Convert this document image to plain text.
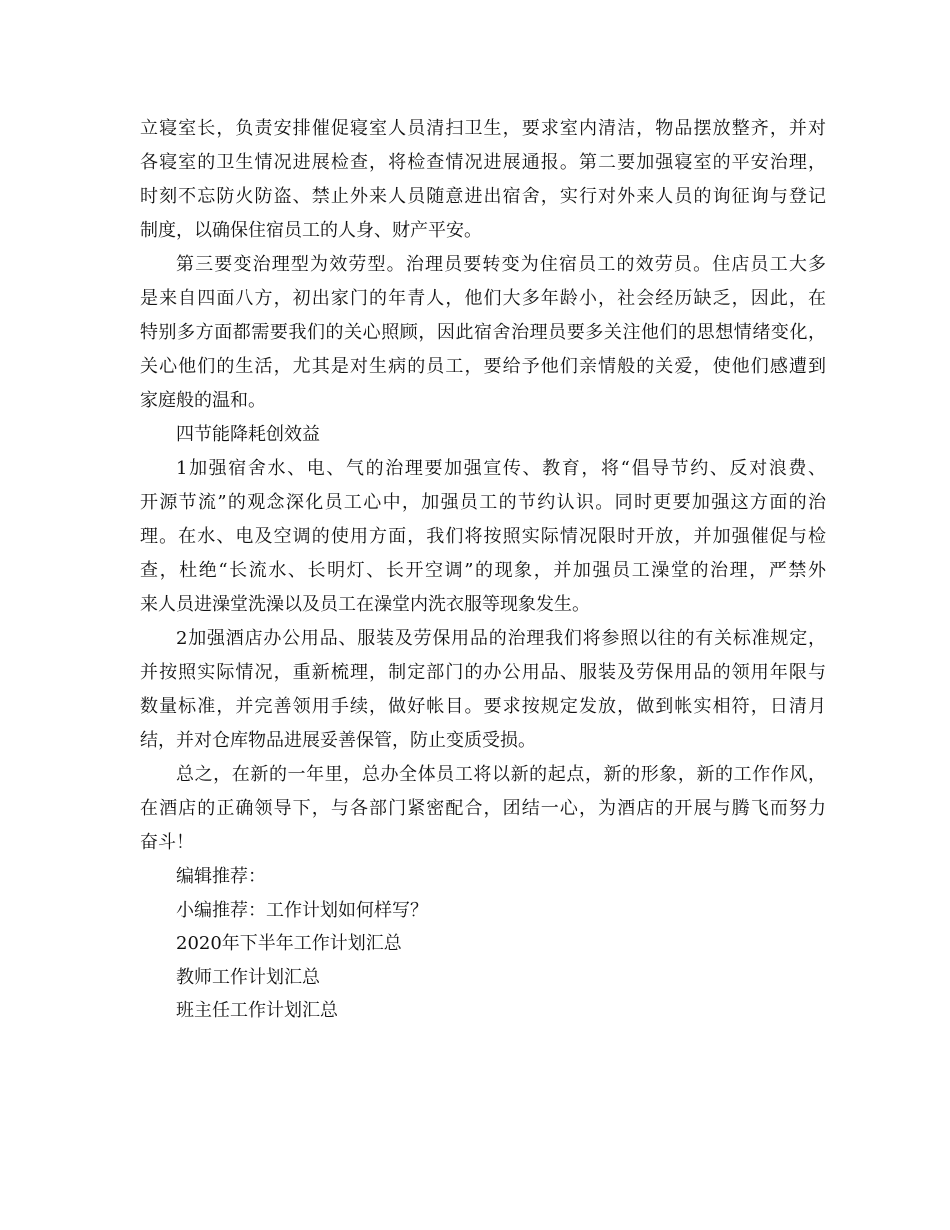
立寝室长，负责安排催促寝室人员清扫卫生，要求室内清洁，物品摆放整齐，并对
各寝室的卫生情况进展检查，将检查情况进展通报。第二要加强寝室的平安治理，
时刻不忘防火防盗、禁止外来人员随意进出宿舍，实行对外来人员的询征询与登记
制度，以确保住宿员工的人身、财产平安。
第三要变治理型为效劳型。治理员要转变为住宿员工的效劳员。住店员工大多
是来自四面八方，初出家门的年青人，他们大多年龄小，社会经历缺乏，因此，在
特别多方面都需要我们的关心照顾，因此宿舍治理员要多关注他们的思想情绪变化，
关心他们的生活，尤其是对生病的员工，要给予他们亲情般的关爱，使他们感遭到
家庭般的温和。
四节能降耗创效益
1加强宿舍水、电、气的治理要加强宣传、教育，将“倡导节约、反对浪费、
开源节流”的观念深化员工心中，加强员工的节约认识。同时更要加强这方面的治
理。在水、电及空调的使用方面，我们将按照实际情况限时开放，并加强催促与检
查，杜绝“长流水、长明灯、长开空调”的现象，并加强员工澡堂的治理，严禁外
来人员进澡堂洗澡以及员工在澡堂内洗衣服等现象发生。
2加强酒店办公用品、服装及劳保用品的治理我们将参照以往的有关标准规定，
并按照实际情况，重新梳理，制定部门的办公用品、服装及劳保用品的领用年限与
数量标准，并完善领用手续，做好帐目。要求按规定发放，做到帐实相符，日清月
结，并对仓库物品进展妥善保管，防止变质受损。
总之，在新的一年里，总办全体员工将以新的起点，新的形象，新的工作作风，
在酒店的正确领导下，与各部门紧密配合，团结一心，为酒店的开展与腾飞而努力
奋斗！

编辑推荐：

小编推荐：工作计划如何样写？

2020年下半年工作计划汇总

教师工作计划汇总

班主任工作计划汇总
